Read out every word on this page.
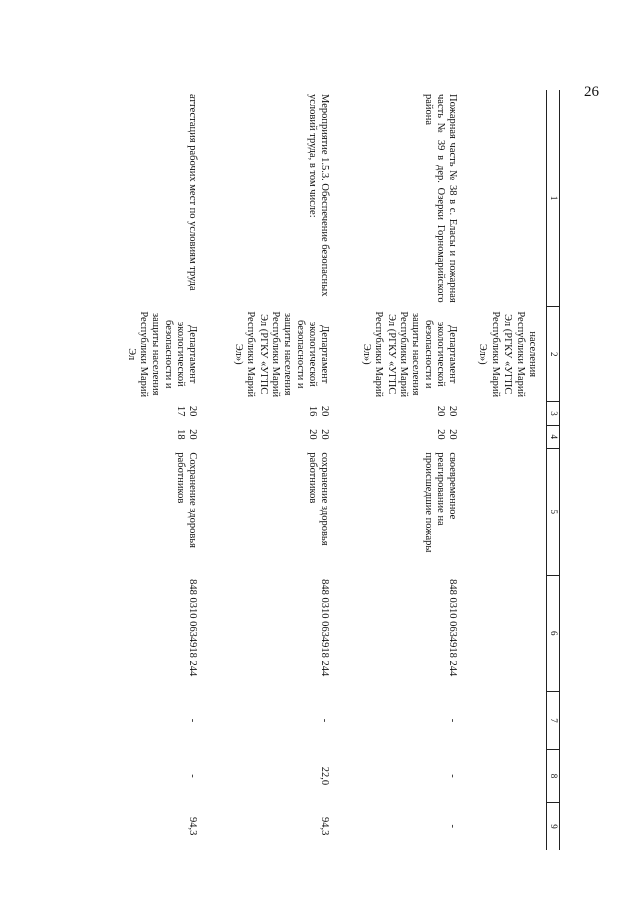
26
1	2	3	4	5	6	7	8	9
	населения Республики Марий Эл (РГКУ «УГПС Республики Марий Эл»)							
Пожарная часть № 38 в с. Еласы и пожарная часть № 39 в дер. Озерки Горномарийского района	Департамент экологической безопасности и защиты населения Республики Марий Эл (РГКУ «УГПС Республики Марий Эл»)	2020	2020	своевременное реагирование на происшедшие пожары	848 0310 0634918 244	-	-	-
Мероприятие 1.5.3. Обеспечение безопасных условий труда, в том числе:	Департамент экологической безопасности и защиты населения Республики Марий Эл (РГКУ «УГПС Республики Марий Эл»)	2016	2020	сохранение здоровья работников	848 0310 0634918 244	-	22,0	94,3
аттестация рабочих мест по условиям труда	Департамент экологической безопасности и защиты населения Республики Марий Эл	2017	2018	Сохранение здоровья работников	848 0310 0634918 244	-	-	94,3
